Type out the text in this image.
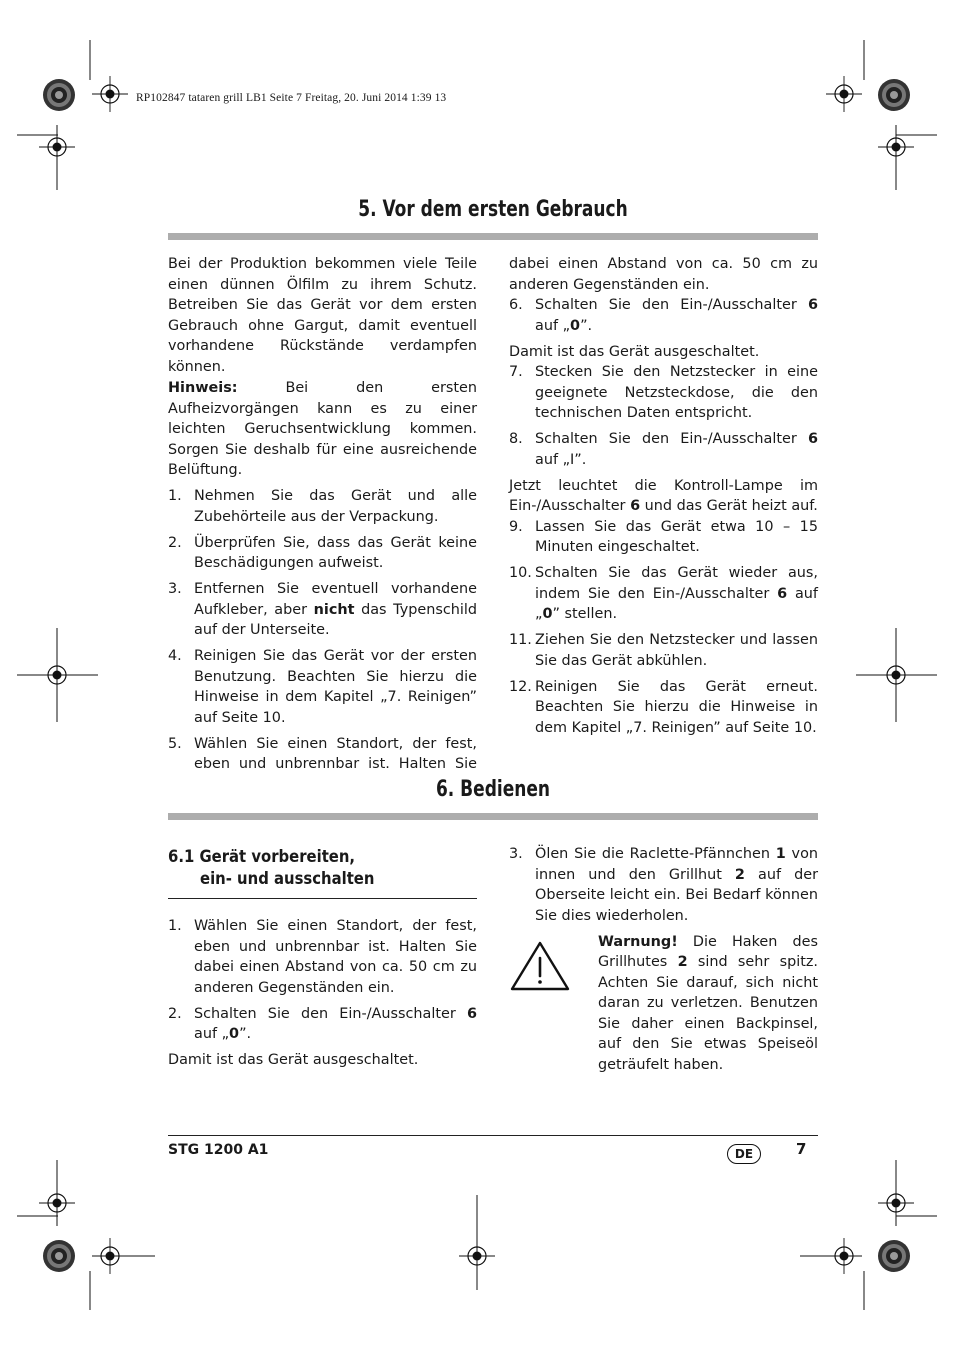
RP102847 tataren grill LB1 Seite 7 Freitag, 20. Juni 2014 1:39 13
5. Vor dem ersten Gebrauch

Bei der Produktion bekommen viele Teile einen dünnen Ölfilm zu ihrem Schutz. Betreiben Sie das Gerät vor dem ersten Gebrauch ohne Gargut, damit eventuell vorhandene Rückstände verdampfen können.

Hinweis: Bei den ersten Aufheizvorgängen kann es zu einer leichten Geruchsentwicklung kommen. Sorgen Sie deshalb für eine ausreichende Belüftung.

1. Nehmen Sie das Gerät und alle Zubehörteile aus der Verpackung.
2. Überprüfen Sie, dass das Gerät keine Beschädigungen aufweist.
3. Entfernen Sie eventuell vorhandene Aufkleber, aber nicht das Typenschild auf der Unterseite.
4. Reinigen Sie das Gerät vor der ersten Benutzung. Beachten Sie hierzu die Hinweise in dem Kapitel „7. Reinigen” auf Seite 10.
5. Wählen Sie einen Standort, der fest, eben und unbrennbar ist. Halten Sie

dabei einen Abstand von ca. 50 cm zu anderen Gegenständen ein.

6. Schalten Sie den Ein-/Ausschalter 6 auf „0”.

Damit ist das Gerät ausgeschaltet.

7. Stecken Sie den Netzstecker in eine geeignete Netzsteckdose, die den technischen Daten entspricht.
8. Schalten Sie den Ein-/Ausschalter 6 auf „I”.

Jetzt leuchtet die Kontroll-Lampe im Ein-/Ausschalter 6 und das Gerät heizt auf.

9. Lassen Sie das Gerät etwa 10 – 15 Minuten eingeschaltet.
10. Schalten Sie das Gerät wieder aus, indem Sie den Ein-/Ausschalter 6 auf „0” stellen.
11. Ziehen Sie den Netzstecker und lassen Sie das Gerät abkühlen.
12. Reinigen Sie das Gerät erneut. Beachten Sie hierzu die Hinweise in dem Kapitel „7. Reinigen” auf Seite 10.
6. Bedienen
6.1 Gerät vorbereiten,
ein- und ausschalten
1. Wählen Sie einen Standort, der fest, eben und unbrennbar ist. Halten Sie dabei einen Abstand von ca. 50 cm zu anderen Gegenständen ein.
2. Schalten Sie den Ein-/Ausschalter 6 auf „0”.

Damit ist das Gerät ausgeschaltet.

3. Ölen Sie die Raclette-Pfännchen 1 von innen und den Grillhut 2 auf der Oberseite leicht ein. Bei Bedarf können Sie dies wiederholen.

Warnung! Die Haken des Grillhutes 2 sind sehr spitz. Achten Sie darauf, sich nicht daran zu verletzen. Benutzen Sie daher einen Backpinsel, auf den Sie etwas Speiseöl geträufelt haben.

STG 1200 A1	DE	7
